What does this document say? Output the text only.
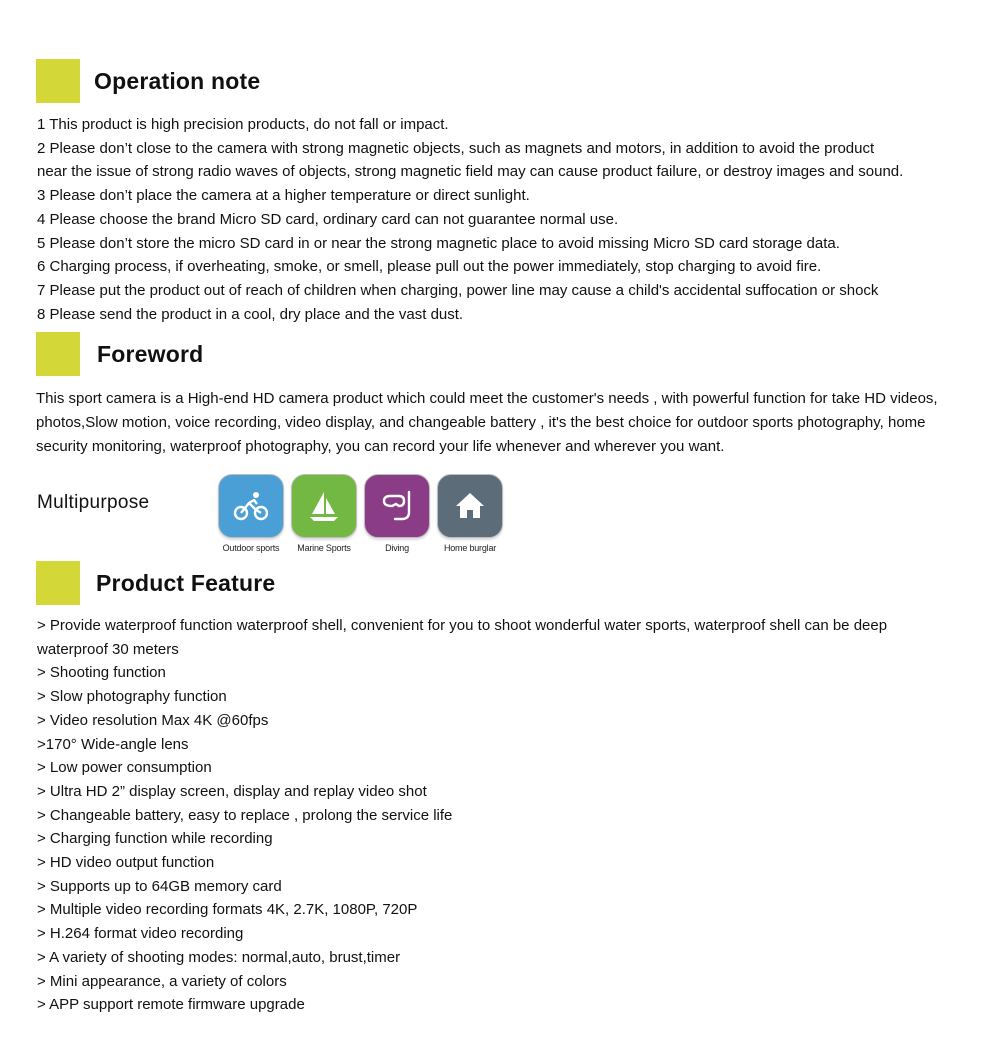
Operation note
1 This product is high precision products, do not fall or impact.
2 Please don’t close to the camera with strong magnetic objects, such as magnets and motors, in addition to avoid the product
near the issue of strong radio waves of objects, strong magnetic field may can cause product failure, or destroy images and sound.
3 Please don’t place the camera at a higher temperature or direct sunlight.
4 Please choose the brand Micro SD card, ordinary card can not guarantee normal use.
5 Please don’t store the micro SD card in or near the strong magnetic place to avoid missing Micro SD card storage data.
6 Charging process, if overheating, smoke, or smell, please pull out the power immediately, stop charging to avoid fire.
7 Please put the product out of reach of children when charging, power line may cause a child's accidental suffocation or shock
8 Please send the product in a cool, dry place and the vast dust.
Foreword

This sport camera is a High-end HD camera product which could meet the customer's needs , with powerful function for take HD videos, photos,Slow motion, voice recording, video display, and changeable battery , it's the best choice for outdoor sports photography, home security monitoring, waterproof photography, you can record your life whenever and wherever you want.

Multipurpose
Outdoor sports Marine Sports	Diving	Home burglar
Product Feature
> Provide waterproof function waterproof shell, convenient for you to shoot wonderful water sports, waterproof shell can be deep
waterproof 30 meters
> Shooting function
> Slow photography function
> Video resolution Max 4K @60fps
>170° Wide-angle lens
> Low power consumption
> Ultra HD 2” display screen, display and replay video shot
> Changeable battery, easy to replace , prolong the service life
> Charging function while recording
> HD video output function
> Supports up to 64GB memory card
> Multiple video recording formats 4K, 2.7K, 1080P, 720P
> H.264 format video recording
> A variety of shooting modes: normal,auto, brust,timer
> Mini appearance, a variety of colors
> APP support remote firmware upgrade
